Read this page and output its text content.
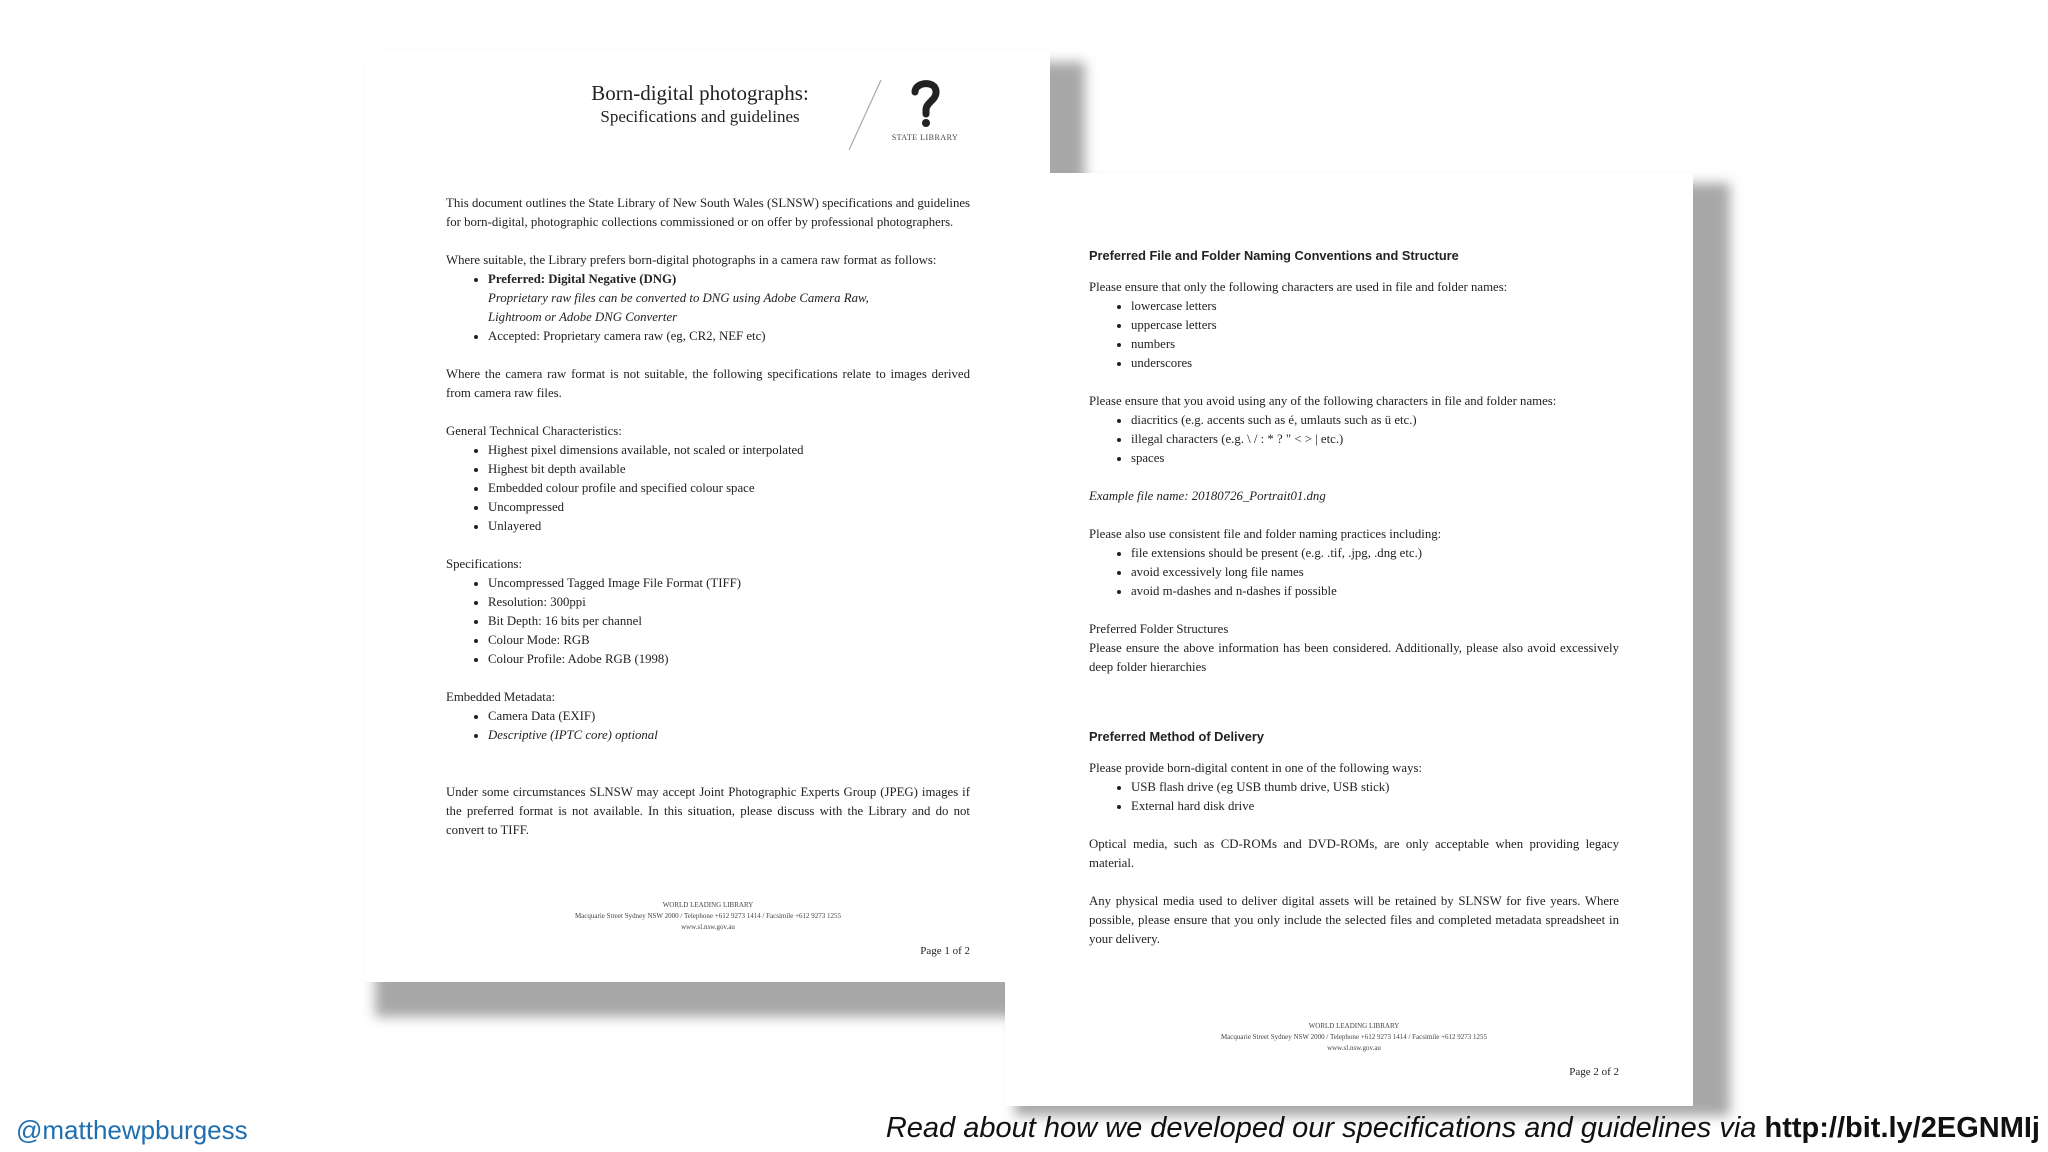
Born-digital photographs:
Specifications and guidelines
STATE LIBRARY

This document outlines the State Library of New South Wales (SLNSW) specifications and guidelines for born-digital, photographic collections commissioned or on offer by professional photographers.

Where suitable, the Library prefers born-digital photographs in a camera raw format as follows:

• Preferred: Digital Negative (DNG)
Proprietary raw files can be converted to DNG using Adobe Camera Raw,
Lightroom or Adobe DNG Converter
• Accepted: Proprietary camera raw (eg, CR2, NEF etc)

Where the camera raw format is not suitable, the following specifications relate to images derived from camera raw files.

General Technical Characteristics:

• Highest pixel dimensions available, not scaled or interpolated
• Highest bit depth available
• Embedded colour profile and specified colour space
• Uncompressed
• Unlayered

Specifications:

• Uncompressed Tagged Image File Format (TIFF)
• Resolution: 300ppi
• Bit Depth: 16 bits per channel
• Colour Mode: RGB
• Colour Profile: Adobe RGB (1998)

Embedded Metadata:

• Camera Data (EXIF)
• Descriptive (IPTC core) optional

Under some circumstances SLNSW may accept Joint Photographic Experts Group (JPEG) images if the preferred format is not available. In this situation, please discuss with the Library and do not convert to TIFF.

WORLD LEADING LIBRARY
Macquarie Street Sydney NSW 2000 / Telephone +612 9273 1414 / Facsimile +612 9273 1255
www.sl.nsw.gov.au
Page 1 of 2

Preferred File and Folder Naming Conventions and Structure

Please ensure that only the following characters are used in file and folder names:

• lowercase letters
• uppercase letters
• numbers
• underscores

Please ensure that you avoid using any of the following characters in file and folder names:

• diacritics (e.g. accents such as é, umlauts such as ü etc.)
• illegal characters (e.g. \ / : * ? " < > | etc.)
• spaces

Example file name: 20180726_Portrait01.dng

Please also use consistent file and folder naming practices including:

• file extensions should be present (e.g. .tif, .jpg, .dng etc.)
• avoid excessively long file names
• avoid m-dashes and n-dashes if possible

Preferred Folder Structures

Please ensure the above information has been considered. Additionally, please also avoid excessively deep folder hierarchies

Preferred Method of Delivery

Please provide born-digital content in one of the following ways:

• USB flash drive (eg USB thumb drive, USB stick)
• External hard disk drive

Optical media, such as CD-ROMs and DVD-ROMs, are only acceptable when providing legacy material.

Any physical media used to deliver digital assets will be retained by SLNSW for five years. Where possible, please ensure that you only include the selected files and completed metadata spreadsheet in your delivery.

WORLD LEADING LIBRARY
Macquarie Street Sydney NSW 2000 / Telephone +612 9273 1414 / Facsimile +612 9273 1255
www.sl.nsw.gov.au
Page 2 of 2
@matthewpburgess	Read about how we developed our specifications and guidelines via http://bit.ly/2EGNMIj
